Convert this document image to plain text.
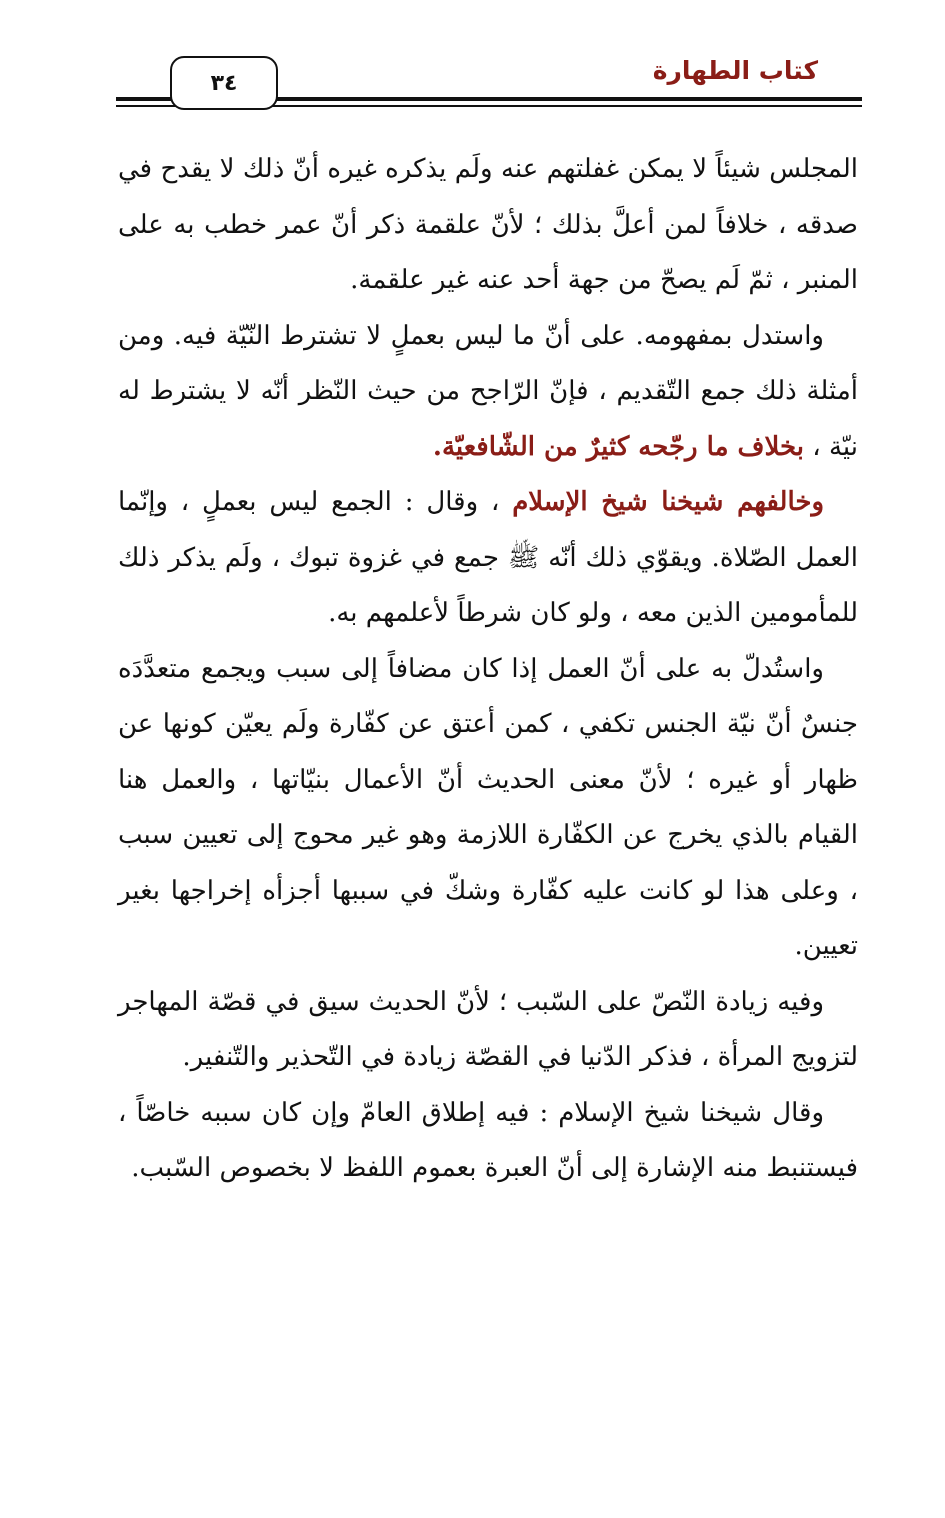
٣٤	كتاب الطهارة

المجلس شيئاً لا يمكن غفلتهم عنه ولَم يذكره غيره أنّ ذلك لا يقدح في صدقه ، خلافاً لمن أعلَّ بذلك ؛ لأنّ علقمة ذكر أنّ عمر خطب به على المنبر ، ثمّ لَم يصحّ من جهة أحد عنه غير علقمة.

واستدل بمفهومه. على أنّ ما ليس بعملٍ لا تشترط النّيّة فيه. ومن أمثلة ذلك جمع التّقديم ، فإنّ الرّاجح من حيث النّظر أنّه لا يشترط له نيّة ، بخلاف ما رجّحه كثيرٌ من الشّافعيّة.

وخالفهم شيخنا شيخ الإسلام ، وقال : الجمع ليس بعملٍ ، وإنّما العمل الصّلاة. ويقوّي ذلك أنّه ﷺ جمع في غزوة تبوك ، ولَم يذكر ذلك للمأمومين الذين معه ، ولو كان شرطاً لأعلمهم به.

واستُدلّ به على أنّ العمل إذا كان مضافاً إلى سبب ويجمع متعدَّدَه جنسٌ أنّ نيّة الجنس تكفي ، كمن أعتق عن كفّارة ولَم يعيّن كونها عن ظهار أو غيره ؛ لأنّ معنى الحديث أنّ الأعمال بنيّاتها ، والعمل هنا القيام بالذي يخرج عن الكفّارة اللازمة وهو غير محوج إلى تعيين سبب ، وعلى هذا لو كانت عليه كفّارة وشكّ في سببها أجزأه إخراجها بغير تعيين.

وفيه زيادة النّصّ على السّبب ؛ لأنّ الحديث سيق في قصّة المهاجر لتزويج المرأة ، فذكر الدّنيا في القصّة زيادة في التّحذير والتّنفير.

وقال شيخنا شيخ الإسلام : فيه إطلاق العامّ وإن كان سببه خاصّاً ، فيستنبط منه الإشارة إلى أنّ العبرة بعموم اللفظ لا بخصوص السّبب.
